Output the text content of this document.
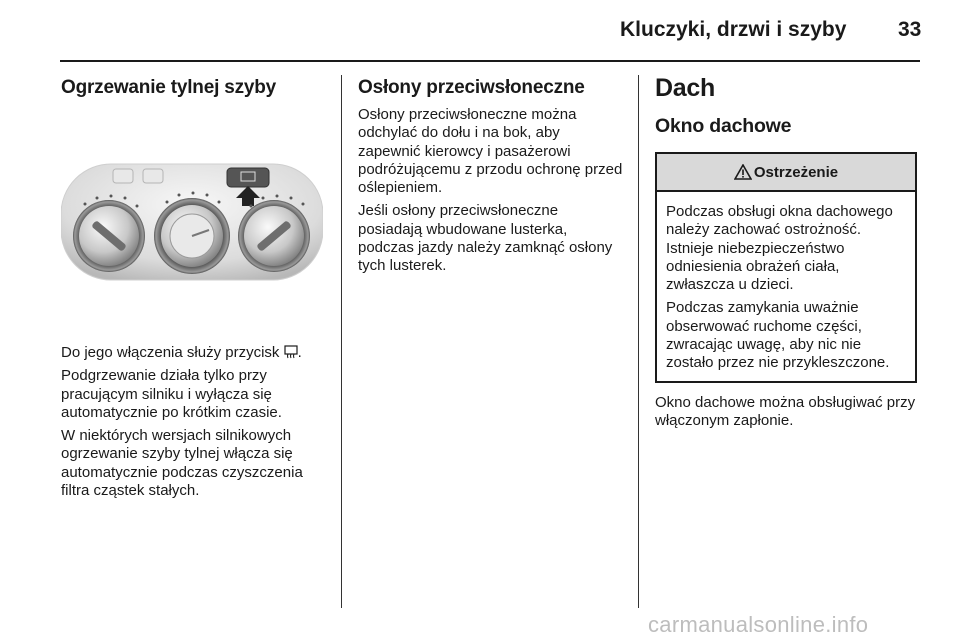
Kluczyki, drzwi i szyby 33
Ogrzewanie tylnej szyby

Do jego włączenia służy przycisk .

Podgrzewanie działa tylko przy pracującym silniku i wyłącza się automatycznie po krótkim czasie.

W niektórych wersjach silnikowych ogrzewanie szyby tylnej włącza się automatycznie podczas czyszczenia filtra cząstek stałych.

Osłony przeciwsłoneczne

Osłony przeciwsłoneczne można odchylać do dołu i na bok, aby zapewnić kierowcy i pasażerowi podróżującemu z przodu ochronę przed oślepieniem.

Jeśli osłony przeciwsłoneczne posiadają wbudowane lusterka, podczas jazdy należy zamknąć osłony tych lusterek.

Dach
Okno dachowe
Ostrzeżenie

Podczas obsługi okna dachowego należy zachować ostrożność. Istnieje niebezpieczeństwo odniesienia obrażeń ciała, zwłaszcza u dzieci.

Podczas zamykania uważnie obserwować ruchome części, zwracając uwagę, aby nic nie zostało przez nie przykleszczone.

Okno dachowe można obsługiwać przy włączonym zapłonie.

carmanualsonline.info
